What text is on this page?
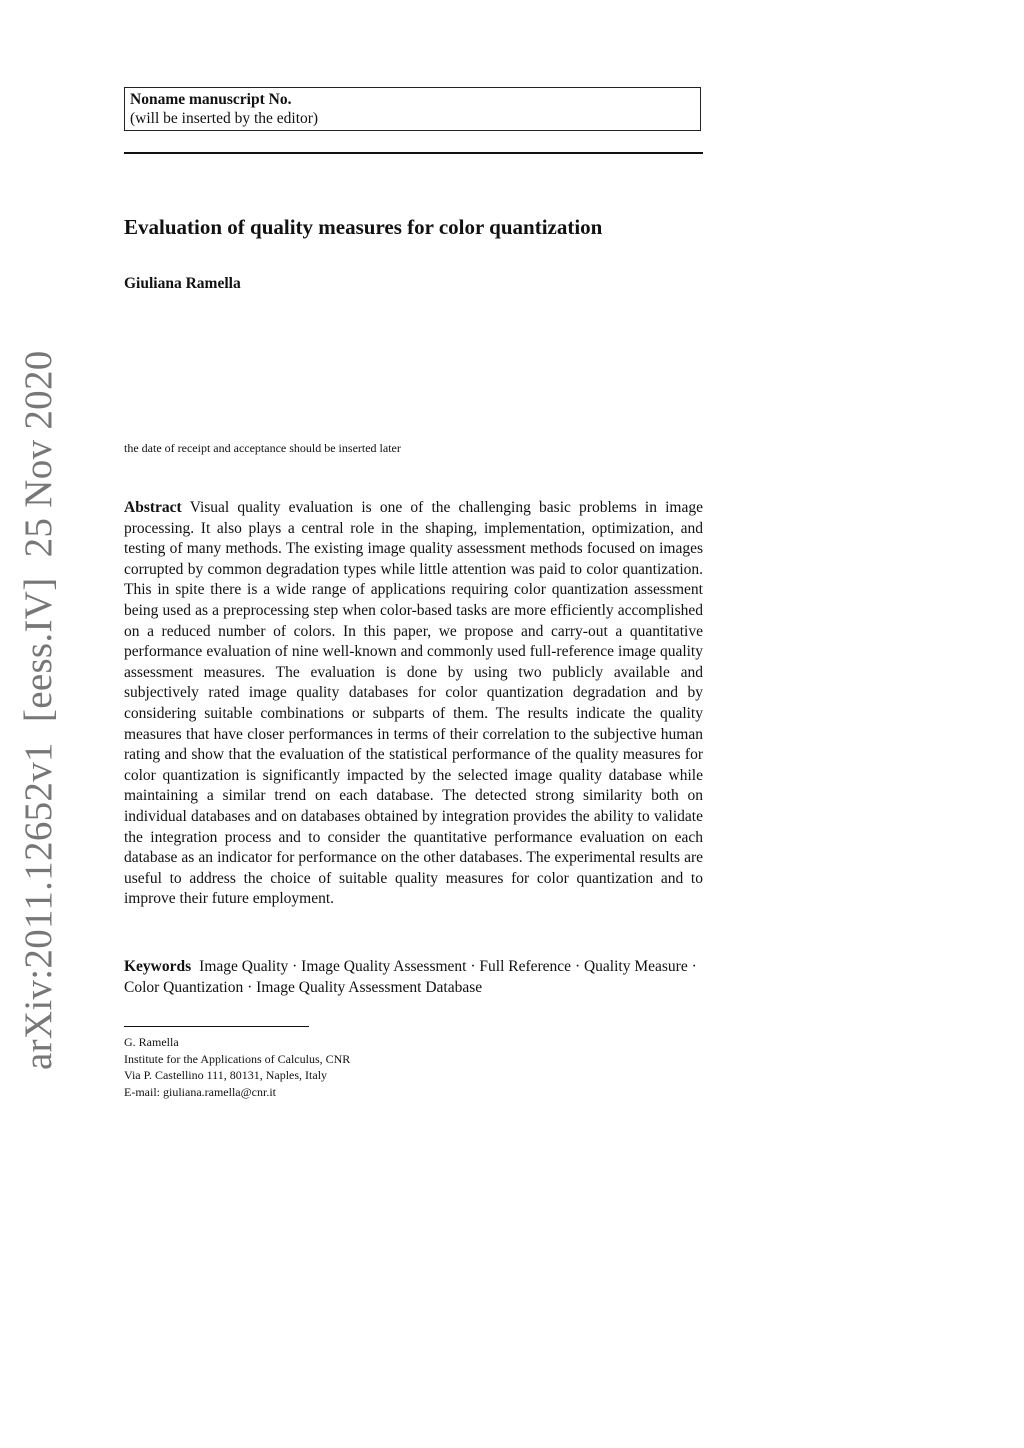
Noname manuscript No.
(will be inserted by the editor)
Evaluation of quality measures for color quantization
Giuliana Ramella
the date of receipt and acceptance should be inserted later
Abstract Visual quality evaluation is one of the challenging basic problems in image processing. It also plays a central role in the shaping, implementation, optimization, and testing of many methods. The existing image quality assessment methods focused on images corrupted by common degradation types while little attention was paid to color quantization. This in spite there is a wide range of applications requiring color quantization assessment being used as a preprocessing step when color-based tasks are more efficiently accomplished on a reduced number of colors. In this paper, we propose and carry-out a quantitative performance evaluation of nine well-known and commonly used full-reference image quality assessment measures. The evaluation is done by using two publicly available and subjectively rated image quality databases for color quantization degradation and by considering suitable combinations or subparts of them. The results indicate the quality measures that have closer performances in terms of their correlation to the subjective human rating and show that the evaluation of the statistical performance of the quality measures for color quantization is significantly impacted by the selected image quality database while maintaining a similar trend on each database. The detected strong similarity both on individual databases and on databases obtained by integration provides the ability to validate the integration process and to consider the quantitative performance evaluation on each database as an indicator for performance on the other databases. The experimental results are useful to address the choice of suitable quality measures for color quantization and to improve their future employment.
Keywords Image Quality · Image Quality Assessment · Full Reference · Quality Measure · Color Quantization · Image Quality Assessment Database
G. Ramella
Institute for the Applications of Calculus, CNR
Via P. Castellino 111, 80131, Naples, Italy
E-mail: giuliana.ramella@cnr.it
arXiv:2011.12652v1  [eess.IV]  25 Nov 2020
